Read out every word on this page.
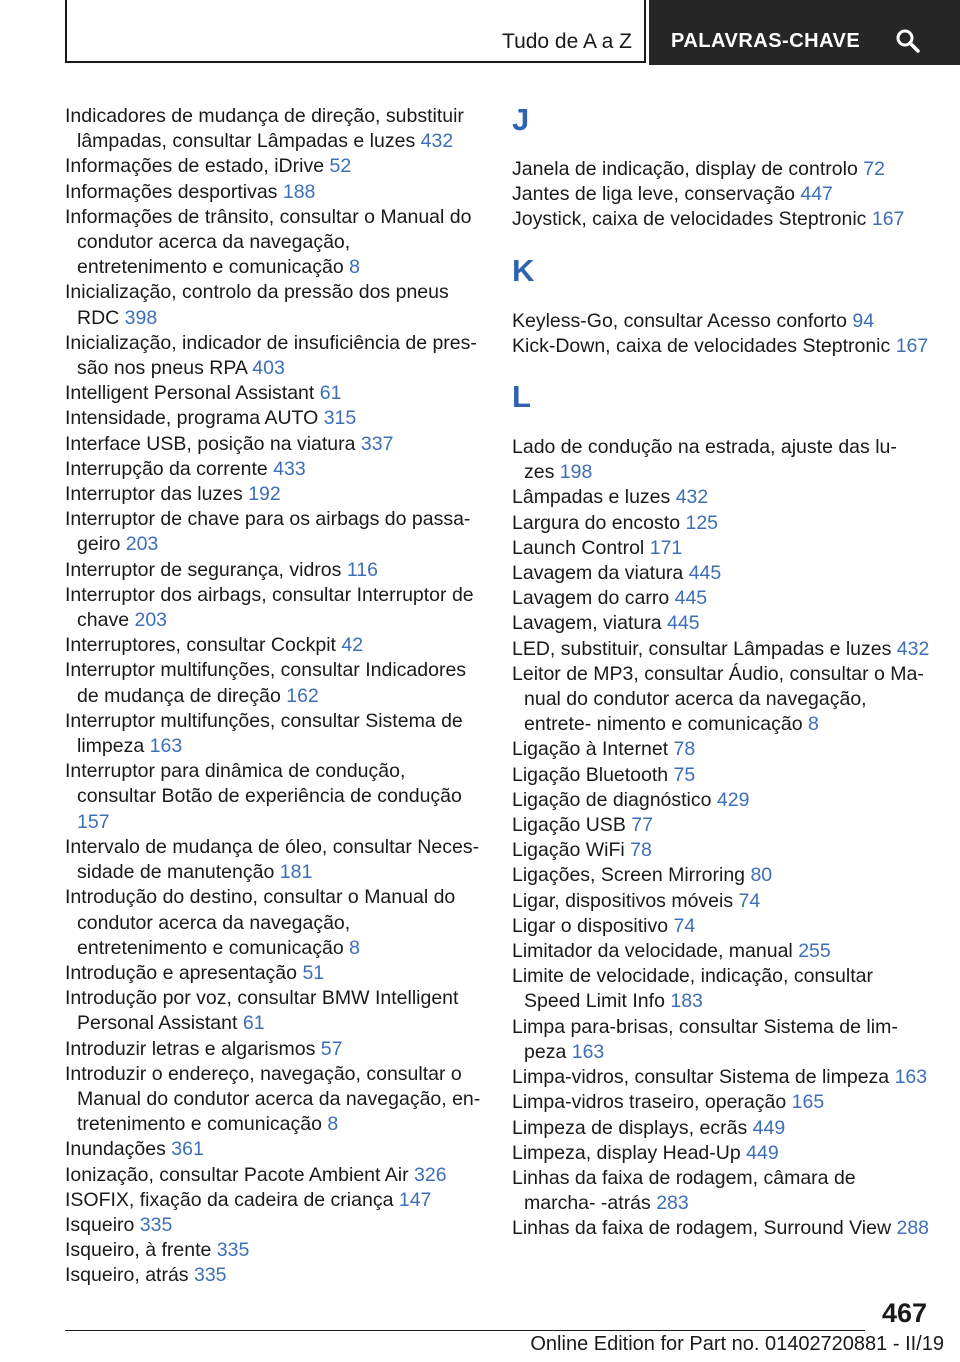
Tudo de A a Z PALAVRAS-CHAVE
Indicadores de mudança de direção, substituir lâmpadas, consultar Lâmpadas e luzes 432
Informações de estado, iDrive 52
Informações desportivas 188
Informações de trânsito, consultar o Manual do condutor acerca da navegação, entretenimento e comunicação 8
Inicialização, controlo da pressão dos pneus RDC 398
Inicialização, indicador de insuficiência de pres- são nos pneus RPA 403
Intelligent Personal Assistant 61
Intensidade, programa AUTO 315
Interface USB, posição na viatura 337
Interrupção da corrente 433
Interruptor das luzes 192
Interruptor de chave para os airbags do passa- geiro 203
Interruptor de segurança, vidros 116
Interruptor dos airbags, consultar Interruptor de chave 203
Interruptores, consultar Cockpit 42
Interruptor multifunções, consultar Indicadores de mudança de direção 162
Interruptor multifunções, consultar Sistema de limpeza 163
Interruptor para dinâmica de condução, consultar Botão de experiência de condução 157
Intervalo de mudança de óleo, consultar Neces- sidade de manutenção 181
Introdução do destino, consultar o Manual do condutor acerca da navegação, entretenimento e comunicação 8
Introdução e apresentação 51
Introdução por voz, consultar BMW Intelligent Personal Assistant 61
Introduzir letras e algarismos 57
Introduzir o endereço, navegação, consultar o Manual do condutor acerca da navegação, en- tretenimento e comunicação 8
Inundações 361
Ionização, consultar Pacote Ambient Air 326
ISOFIX, fixação da cadeira de criança 147
Isqueiro 335
Isqueiro, à frente 335
Isqueiro, atrás 335
J
Janela de indicação, display de controlo 72
Jantes de liga leve, conservação 447
Joystick, caixa de velocidades Steptronic 167
K
Keyless-Go, consultar Acesso conforto 94
Kick-Down, caixa de velocidades Steptronic 167
L
Lado de condução na estrada, ajuste das lu- zes 198
Lâmpadas e luzes 432
Largura do encosto 125
Launch Control 171
Lavagem da viatura 445
Lavagem do carro 445
Lavagem, viatura 445
LED, substituir, consultar Lâmpadas e luzes 432
Leitor de MP3, consultar Áudio, consultar o Ma- nual do condutor acerca da navegação, entrete- nimento e comunicação 8
Ligação à Internet 78
Ligação Bluetooth 75
Ligação de diagnóstico 429
Ligação USB 77
Ligação WiFi 78
Ligações, Screen Mirroring 80
Ligar, dispositivos móveis 74
Ligar o dispositivo 74
Limitador da velocidade, manual 255
Limite de velocidade, indicação, consultar Speed Limit Info 183
Limpa para-brisas, consultar Sistema de lim- peza 163
Limpa-vidros, consultar Sistema de limpeza 163
Limpa-vidros traseiro, operação 165
Limpeza de displays, ecrãs 449
Limpeza, display Head-Up 449
Linhas da faixa de rodagem, câmara de marcha- -atrás 283
Linhas da faixa de rodagem, Surround View 288
467
Online Edition for Part no. 01402720881 - II/19
